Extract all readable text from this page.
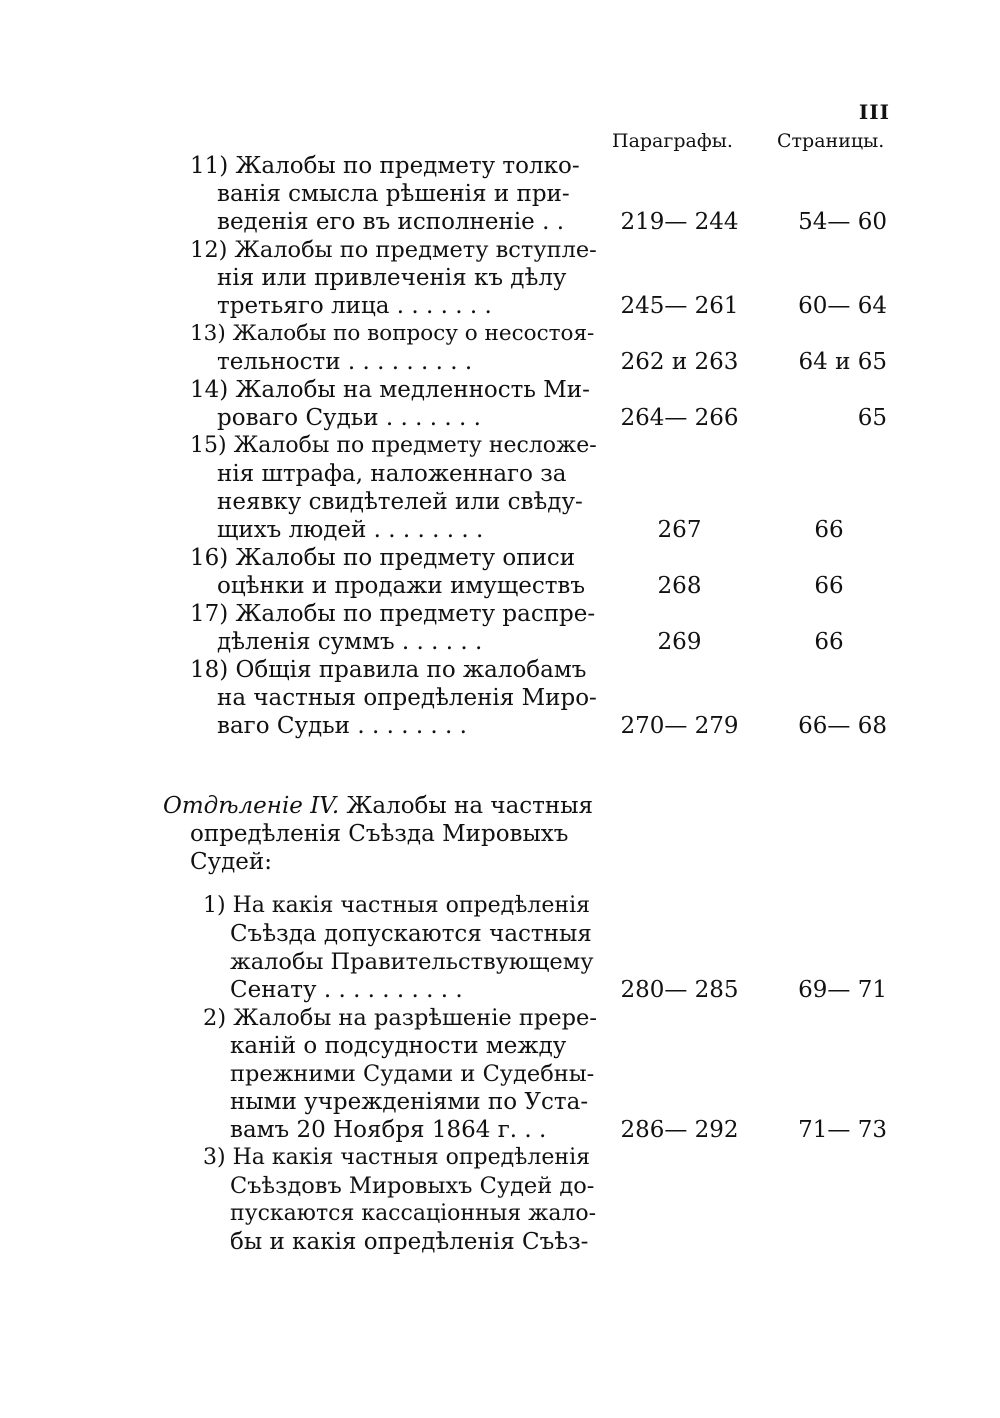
III
Параграфы. Страницы.
11) Жалобы по предмету толко-
ванія смысла рѣшенія и при-
веденія его въ исполненіе . .	219— 244	54— 60
12) Жалобы по предмету вступле-
нія или привлеченія къ дѣлу
третьяго лица . . . . . . .	245— 261	60— 64
13) Жалобы по вопросу о несостоя-
тельности . . . . . . . . .	262 и 263	64 и 65
14) Жалобы на медленность Ми-
роваго Судьи . . . . . . .	264— 266	65
15) Жалобы по предмету несложе-
нія штрафа, наложеннаго за
неявку свидѣтелей или свѣду-
щихъ людей . . . . . . . .	267	66
16) Жалобы по предмету описи
оцѣнки и продажи имуществъ	268	66
17) Жалобы по предмету распре-
дѣленія суммъ . . . . . .	269	66
18) Общія правила по жалобамъ
на частныя опредѣленія Миро-
ваго Судьи . . . . . . . .	270— 279	66— 68
Отдѣленіе IV. Жалобы на частныя
опредѣленія Съѣзда Мировыхъ
Судей:
1) На какія частныя опредѣленія
Съѣзда допускаются частныя
жалобы Правительствующему
Сенату . . . . . . . . . .	280— 285	69— 71
2) Жалобы на разрѣшеніе прере-
каній о подсудности между
прежними Судами и Судебны-
ными учрежденіями по Уста-
вамъ 20 Ноября 1864 г. . .	286— 292	71— 73
3) На какія частныя опредѣленія
Съѣздовъ Мировыхъ Судей до-
пускаются кассаціонныя жало-
бы и какія опредѣленія Съѣз-
